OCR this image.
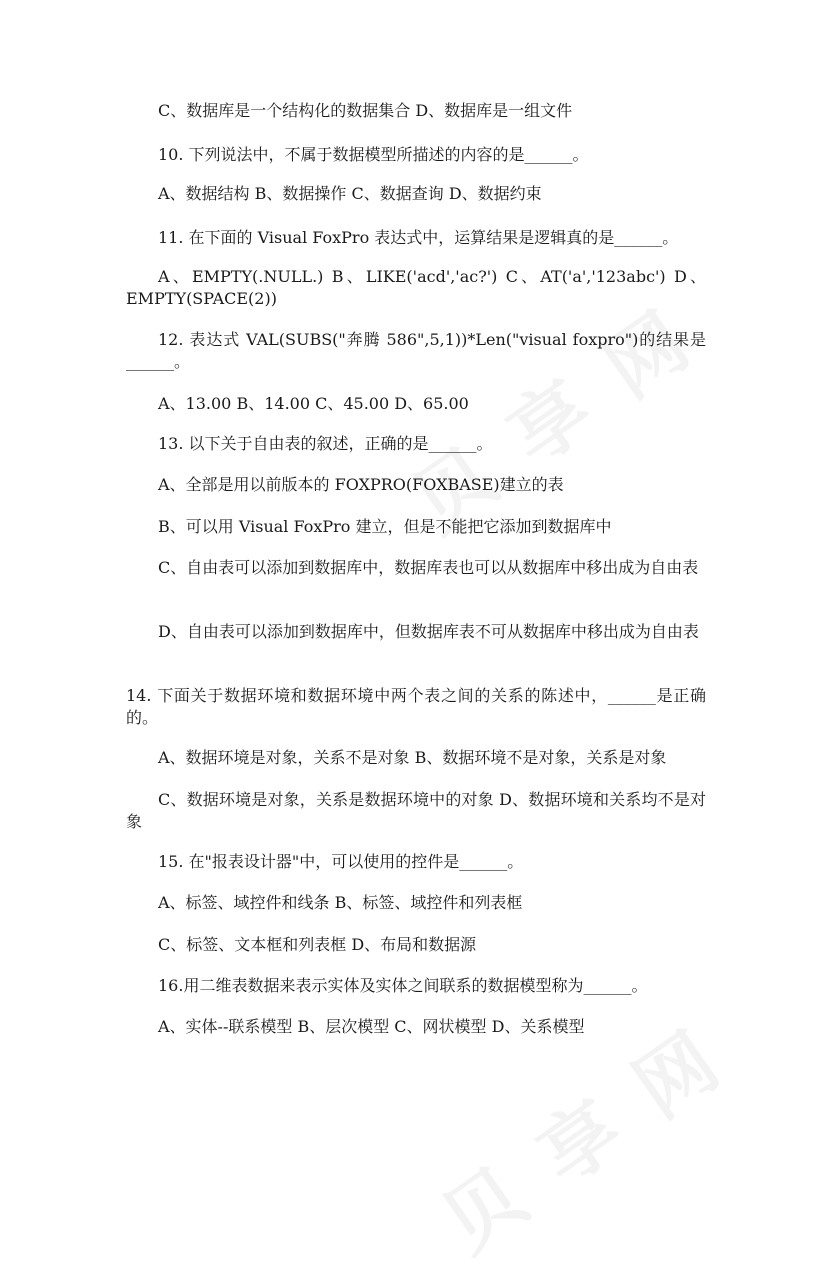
C、数据库是一个结构化的数据集合 D、数据库是一组文件
10. 下列说法中，不属于数据模型所描述的内容的是______。
A、数据结构 B、数据操作 C、数据查询 D、数据约束
11. 在下面的 Visual FoxPro 表达式中，运算结果是逻辑真的是______。
A、EMPTY(.NULL.) B、LIKE('acd','ac?') C、AT('a','123abc') D、EMPTY(SPACE(2))
12. 表达式 VAL(SUBS("奔腾 586",5,1))*Len("visual foxpro")的结果是______。
A、13.00 B、14.00 C、45.00 D、65.00
13. 以下关于自由表的叙述，正确的是______。
A、全部是用以前版本的 FOXPRO(FOXBASE)建立的表
B、可以用 Visual FoxPro 建立，但是不能把它添加到数据库中
C、自由表可以添加到数据库中，数据库表也可以从数据库中移出成为自由表
D、自由表可以添加到数据库中，但数据库表不可从数据库中移出成为自由表
14. 下面关于数据环境和数据环境中两个表之间的关系的陈述中，______是正确的。
A、数据环境是对象，关系不是对象 B、数据环境不是对象，关系是对象
C、数据环境是对象，关系是数据环境中的对象 D、数据环境和关系均不是对象
15. 在"报表设计器"中，可以使用的控件是______。
A、标签、域控件和线条 B、标签、域控件和列表框
C、标签、文本框和列表框 D、布局和数据源
16.用二维表数据来表示实体及实体之间联系的数据模型称为______。
A、实体--联系模型 B、层次模型 C、网状模型 D、关系模型
